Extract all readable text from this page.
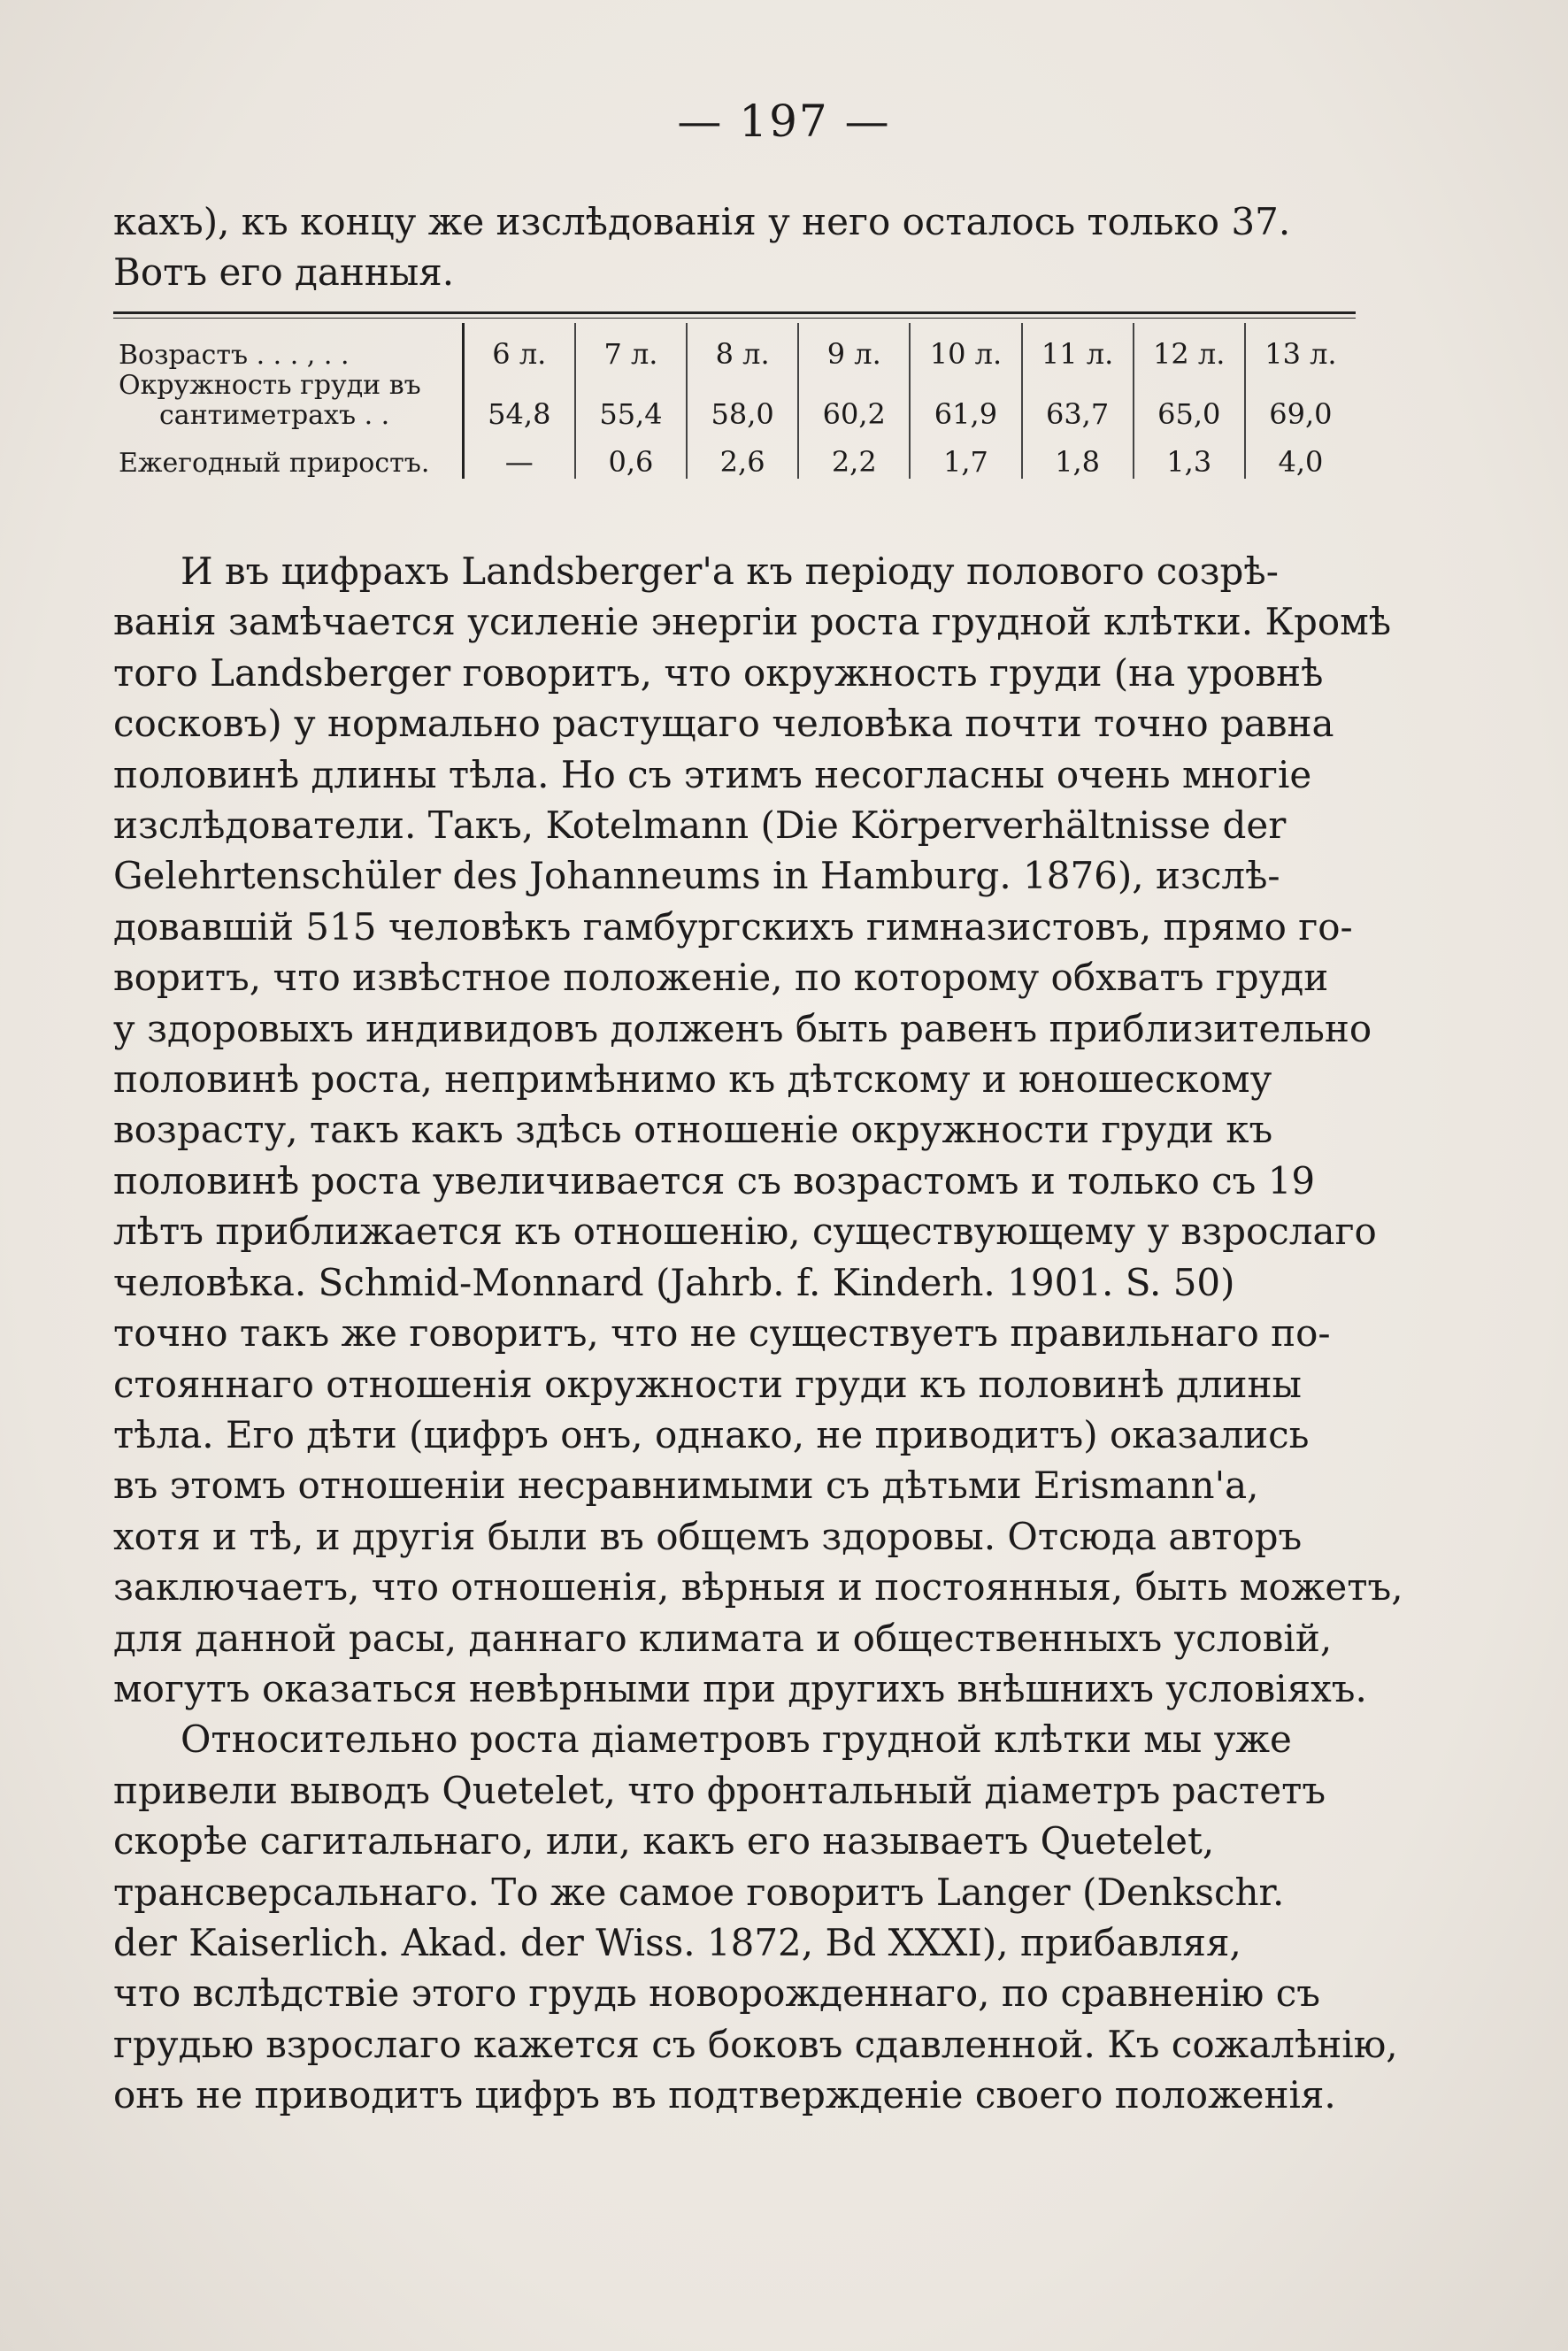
— 197 —
кахъ), къ концу же изслѣдованія у него осталось только 37.
Вотъ его данныя.
Возрастъ . . . , . .	6 л.	7 л.	8 л.	9 л.	10 л.	11 л.	12 л.	13 л.
Окружность груди въ
сантиметрахъ . .	54,8	55,4	58,0	60,2	61,9	63,7	65,0	69,0
Ежегодный приростъ.	—	0,6	2,6	2,2	1,7	1,8	1,3	4,0
И въ цифрахъ Landsberger'а къ періоду полового созрѣ-
ванія замѣчается усиленіе энергіи роста грудной клѣтки. Кромѣ
того Landsberger говоритъ, что окружность груди (на уровнѣ
сосковъ) у нормально растущаго человѣка почти точно равна
половинѣ длины тѣла. Но съ этимъ несогласны очень многіе
изслѣдователи. Такъ, Kotelmann (Die Körperverhältnisse der
Gelehrtenschüler des Johanneums in Hamburg. 1876), изслѣ-
довавшій 515 человѣкъ гамбургскихъ гимназистовъ, прямо го-
воритъ, что извѣстное положеніе, по которому обхватъ груди
у здоровыхъ индивидовъ долженъ быть равенъ приблизительно
половинѣ роста, непримѣнимо къ дѣтскому и юношескому
возрасту, такъ какъ здѣсь отношеніе окружности груди къ
половинѣ роста увеличивается съ возрастомъ и только съ 19
лѣтъ приближается къ отношенію, существующему у взрослаго
человѣка. Schmid-Monnard (Jahrb. f. Kinderh. 1901. S. 50)
точно такъ же говоритъ, что не существуетъ правильнаго по-
стояннаго отношенія окружности груди къ половинѣ длины
тѣла. Его дѣти (цифръ онъ, однако, не приводитъ) оказались
въ этомъ отношеніи несравнимыми съ дѣтьми Erismann'а,
хотя и тѣ, и другія были въ общемъ здоровы. Отсюда авторъ
заключаетъ, что отношенія, вѣрныя и постоянныя, быть можетъ,
для данной расы, даннаго климата и общественныхъ условій,
могутъ оказаться невѣрными при другихъ внѣшнихъ условіяхъ.
Относительно роста діаметровъ грудной клѣтки мы уже
привели выводъ Quetelet, что фронтальный діаметръ растетъ
скорѣе сагитальнаго, или, какъ его называетъ Quetelet,
трансверсальнаго. То же самое говоритъ Langer (Denkschr.
der Kaiserlich. Akad. der Wiss. 1872, Bd XXXI), прибавляя,
что вслѣдствіе этого грудь новорожденнаго, по сравненію съ
грудью взрослаго кажется съ боковъ сдавленной. Къ сожалѣнію,
онъ не приводитъ цифръ въ подтвержденіе своего положенія.
